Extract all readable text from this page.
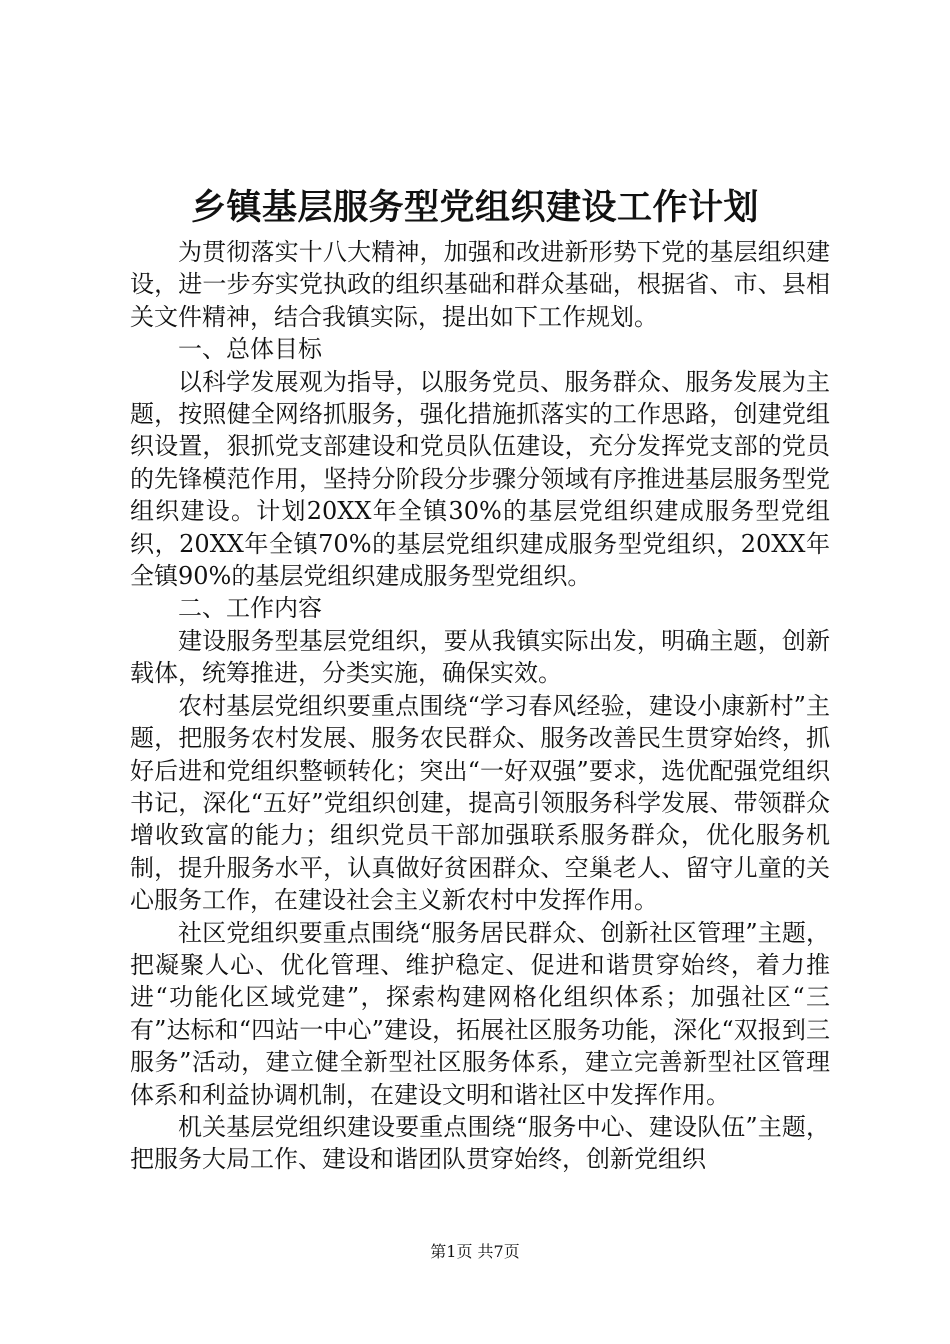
乡镇基层服务型党组织建设工作计划

为贯彻落实十八大精神，加强和改进新形势下党的基层组织建设，进一步夯实党执政的组织基础和群众基础，根据省、市、县相关文件精神，结合我镇实际，提出如下工作规划。

一、总体目标

以科学发展观为指导，以服务党员、服务群众、服务发展为主题，按照健全网络抓服务，强化措施抓落实的工作思路，创建党组织设置，狠抓党支部建设和党员队伍建设，充分发挥党支部的党员的先锋模范作用，坚持分阶段分步骤分领域有序推进基层服务型党组织建设。计划20XX年全镇30%的基层党组织建成服务型党组织，20XX年全镇70%的基层党组织建成服务型党组织，20XX年全镇90%的基层党组织建成服务型党组织。

二、工作内容

建设服务型基层党组织，要从我镇实际出发，明确主题，创新载体，统筹推进，分类实施，确保实效。

农村基层党组织要重点围绕“学习春风经验，建设小康新村”主题，把服务农村发展、服务农民群众、服务改善民生贯穿始终，抓好后进和党组织整顿转化；突出“一好双强”要求，选优配强党组织书记，深化“五好”党组织创建，提高引领服务科学发展、带领群众增收致富的能力；组织党员干部加强联系服务群众，优化服务机制，提升服务水平，认真做好贫困群众、空巢老人、留守儿童的关心服务工作，在建设社会主义新农村中发挥作用。

社区党组织要重点围绕“服务居民群众、创新社区管理”主题，把凝聚人心、优化管理、维护稳定、促进和谐贯穿始终，着力推进“功能化区域党建”，探索构建网格化组织体系；加强社区“三有”达标和“四站一中心”建设，拓展社区服务功能，深化“双报到三服务”活动，建立健全新型社区服务体系，建立完善新型社区管理体系和利益协调机制，在建设文明和谐社区中发挥作用。

机关基层党组织建设要重点围绕“服务中心、建设队伍”主题，把服务大局工作、建设和谐团队贯穿始终，创新党组织

第1页 共7页
